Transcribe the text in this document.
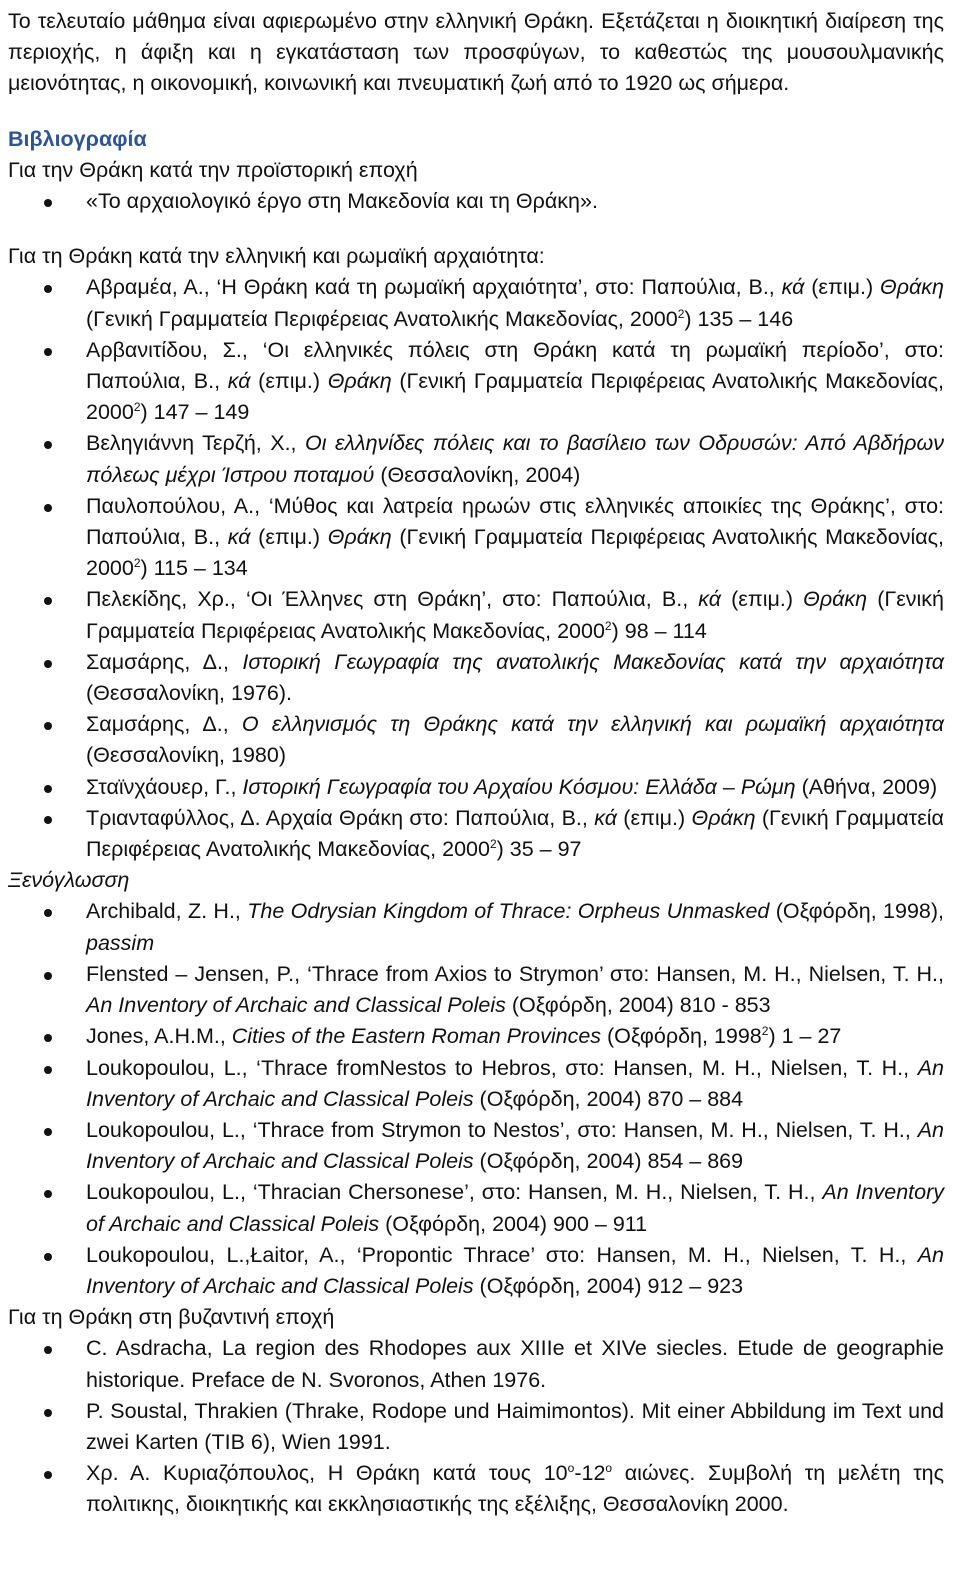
Το τελευταίο μάθημα είναι αφιερωμένο στην ελληνική Θράκη. Εξετάζεται η διοικητική διαίρεση της περιοχής, η άφιξη και η εγκατάσταση των προσφύγων, το καθεστώς της μουσουλμανικής μειονότητας, η οικονομική, κοινωνική και πνευματική ζωή από το 1920 ως σήμερα.

Βιβλιογραφία

Για την Θράκη κατά την προϊστορική εποχή

«Το αρχαιολογικό έργο στη Μακεδονία και τη Θράκη».

Για τη Θράκη κατά την ελληνική και ρωμαϊκή αρχαιότητα:

Αβραμέα, Α., ‘Η Θράκη καά τη ρωμαϊκή αρχαιότητα’, στο: Παπούλια, Β., κά (επιμ.) Θράκη (Γενική Γραμματεία Περιφέρειας Ανατολικής Μακεδονίας, 2000$^2$) 135 – 146
Αρβανιτίδου, Σ., ‘Οι ελληνικές πόλεις στη Θράκη κατά τη ρωμαϊκή περίοδο’, στο: Παπούλια, Β., κά (επιμ.) Θράκη (Γενική Γραμματεία Περιφέρειας Ανατολικής Μακεδονίας, 2000$^2$) 147 – 149
Βεληγιάννη Τερζή, Χ., Οι ελληνίδες πόλεις και το βασίλειο των Οδρυσών: Από Αβδήρων πόλεως μέχρι Ίστρου ποταμού (Θεσσαλονίκη, 2004)
Παυλοπούλου, Α., ‘Μύθος και λατρεία ηρωών στις ελληνικές αποικίες της Θράκης’, στο: Παπούλια, Β., κά (επιμ.) Θράκη (Γενική Γραμματεία Περιφέρειας Ανατολικής Μακεδονίας, 2000$^2$) 115 – 134
Πελεκίδης, Χρ., ‘Οι Έλληνες στη Θράκη’, στο: Παπούλια, Β., κά (επιμ.) Θράκη (Γενική Γραμματεία Περιφέρειας Ανατολικής Μακεδονίας, 2000$^2$) 98 – 114
Σαμσάρης, Δ., Ιστορική Γεωγραφία της ανατολικής Μακεδονίας κατά την αρχαιότητα (Θεσσαλονίκη, 1976).
Σαμσάρης, Δ., Ο ελληνισμός τη Θράκης κατά την ελληνική και ρωμαϊκή αρχαιότητα (Θεσσαλονίκη, 1980)
Σταϊνχάουερ, Γ., Ιστορική Γεωγραφία του Αρχαίου Κόσμου: Ελλάδα – Ρώμη (Αθήνα, 2009)
Τριανταφύλλος, Δ. Αρχαία Θράκη στο: Παπούλια, Β., κά (επιμ.) Θράκη (Γενική Γραμματεία Περιφέρειας Ανατολικής Μακεδονίας, 2000$^2$) 35 – 97

Ξενόγλωσση

Archibald, Z. H., The Odrysian Kingdom of Thrace: Orpheus Unmasked (Οξφόρδη, 1998), passim
Flensted – Jensen, P., ‘Thrace from Axios to Strymon’ στο: Hansen, M. H., Nielsen, T. H., An Inventory of Archaic and Classical Poleis (Οξφόρδη, 2004) 810 - 853
Jones, A.H.M., Cities of the Eastern Roman Provinces (Οξφόρδη, 1998$^2$) 1 – 27
Loukopoulou, L., ‘Thrace fromNestos to Hebros, στο: Hansen, M. H., Nielsen, T. H., An Inventory of Archaic and Classical Poleis (Οξφόρδη, 2004) 870 – 884
Loukopoulou, L., ‘Thrace from Strymon to Nestos’, στο: Hansen, M. H., Nielsen, T. H., An Inventory of Archaic and Classical Poleis (Οξφόρδη, 2004) 854 – 869
Loukopoulou, L., ‘Thracian Chersonese’, στο: Hansen, M. H., Nielsen, T. H., An Inventory of Archaic and Classical Poleis (Οξφόρδη, 2004) 900 – 911
Loukopoulou, L.,Łaitor, A., ‘Propontic Thrace’ στο: Hansen, M. H., Nielsen, T. H., An Inventory of Archaic and Classical Poleis (Οξφόρδη, 2004) 912 – 923

Για τη Θράκη στη βυζαντινή εποχή

C. Asdracha, La region des Rhodopes aux XIIIe et XIVe siecles. Etude de geographie historique. Preface de N. Svoronos, Athen 1976.
P. Soustal, Thrakien (Thrake, Rodope und Haimimontos). Mit einer Abbildung im Text und zwei Karten (TIB 6), Wien 1991.
Χρ. Α. Κυριαζόπουλος, Η Θράκη κατά τους $10^o-12^o$ αιώνες. Συμβολή τη μελέτη της πολιτικης, διοικητικής και εκκλησιαστικής της εξέλιξης, Θεσσαλονίκη 2000.
